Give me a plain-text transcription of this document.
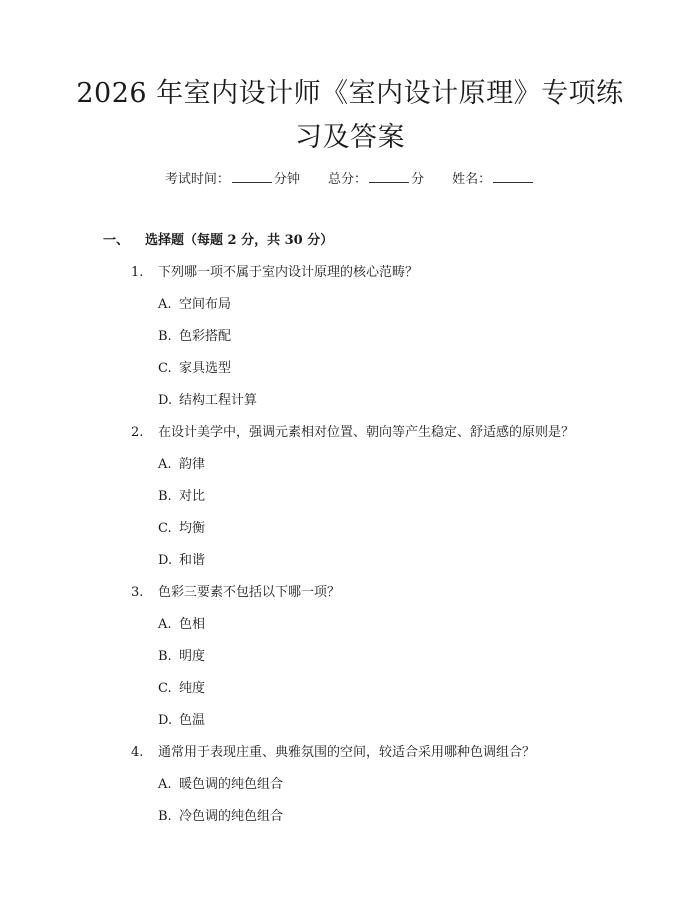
2026 年室内设计师《室内设计原理》专项练
习及答案
考试时间：	分钟 总分：	分 姓名：
一、 选择题（每题 2 分，共 30 分）
1. 下列哪一项不属于室内设计原理的核心范畴？
A. 空间布局
B. 色彩搭配
C. 家具选型
D. 结构工程计算
2. 在设计美学中，强调元素相对位置、朝向等产生稳定、舒适感的原则是？
A. 韵律
B. 对比
C. 均衡
D. 和谐
3. 色彩三要素不包括以下哪一项？
A. 色相
B. 明度
C. 纯度
D. 色温
4. 通常用于表现庄重、典雅氛围的空间，较适合采用哪种色调组合？
A. 暖色调的纯色组合
B. 冷色调的纯色组合
